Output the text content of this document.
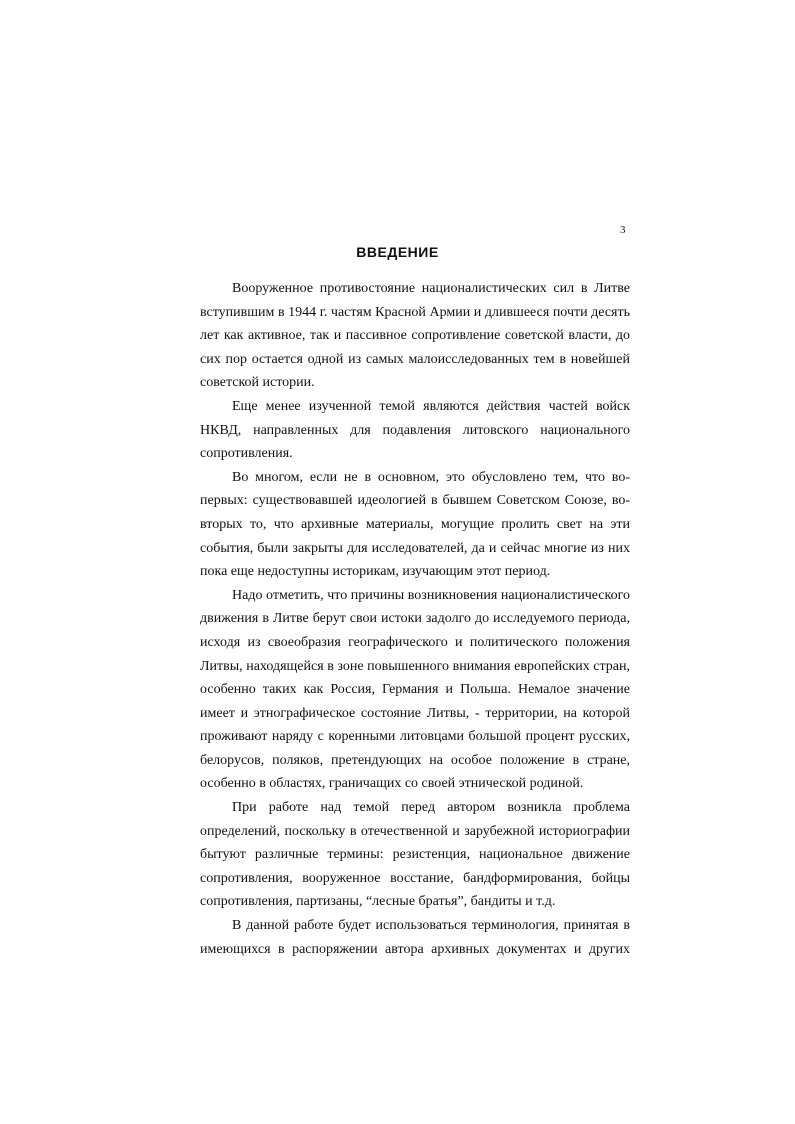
3
ВВЕДЕНИЕ

Вооруженное противостояние националистических сил в Литве вступившим в 1944 г. частям Красной Армии и длившееся почти десять лет как активное, так и пассивное сопротивление советской власти, до сих пор остается одной из самых малоисследованных тем в новейшей советской истории.

Еще менее изученной темой являются действия частей войск НКВД, направленных для подавления литовского национального сопротивления.

Во многом, если не в основном, это обусловлено тем, что во-первых: существовавшей идеологией в бывшем Советском Союзе, во-вторых то, что архивные материалы, могущие пролить свет на эти события, были закрыты для исследователей, да и сейчас многие из них пока еще недоступны историкам, изучающим этот период.

Надо отметить, что причины возникновения националистического движения в Литве берут свои истоки задолго до исследуемого периода, исходя из своеобразия географического и политического положения Литвы, находящейся в зоне повышенного внимания европейских стран, особенно таких как Россия, Германия и Польша. Немалое значение имеет и этнографическое состояние Литвы, - территории, на которой проживают наряду с коренными литовцами большой процент русских, белорусов, поляков, претендующих на особое положение в стране, особенно в областях, граничащих со своей этнической родиной.

При работе над темой перед автором возникла проблема определений, поскольку в отечественной и зарубежной историографии бытуют различные термины: резистенция, национальное движение сопротивления, вооруженное восстание, бандформирования, бойцы сопротивления, партизаны, “лесные братья”, бандиты и т.д.

В данной работе будет использоваться терминология, принятая в имеющихся в распоряжении автора архивных документах и других
